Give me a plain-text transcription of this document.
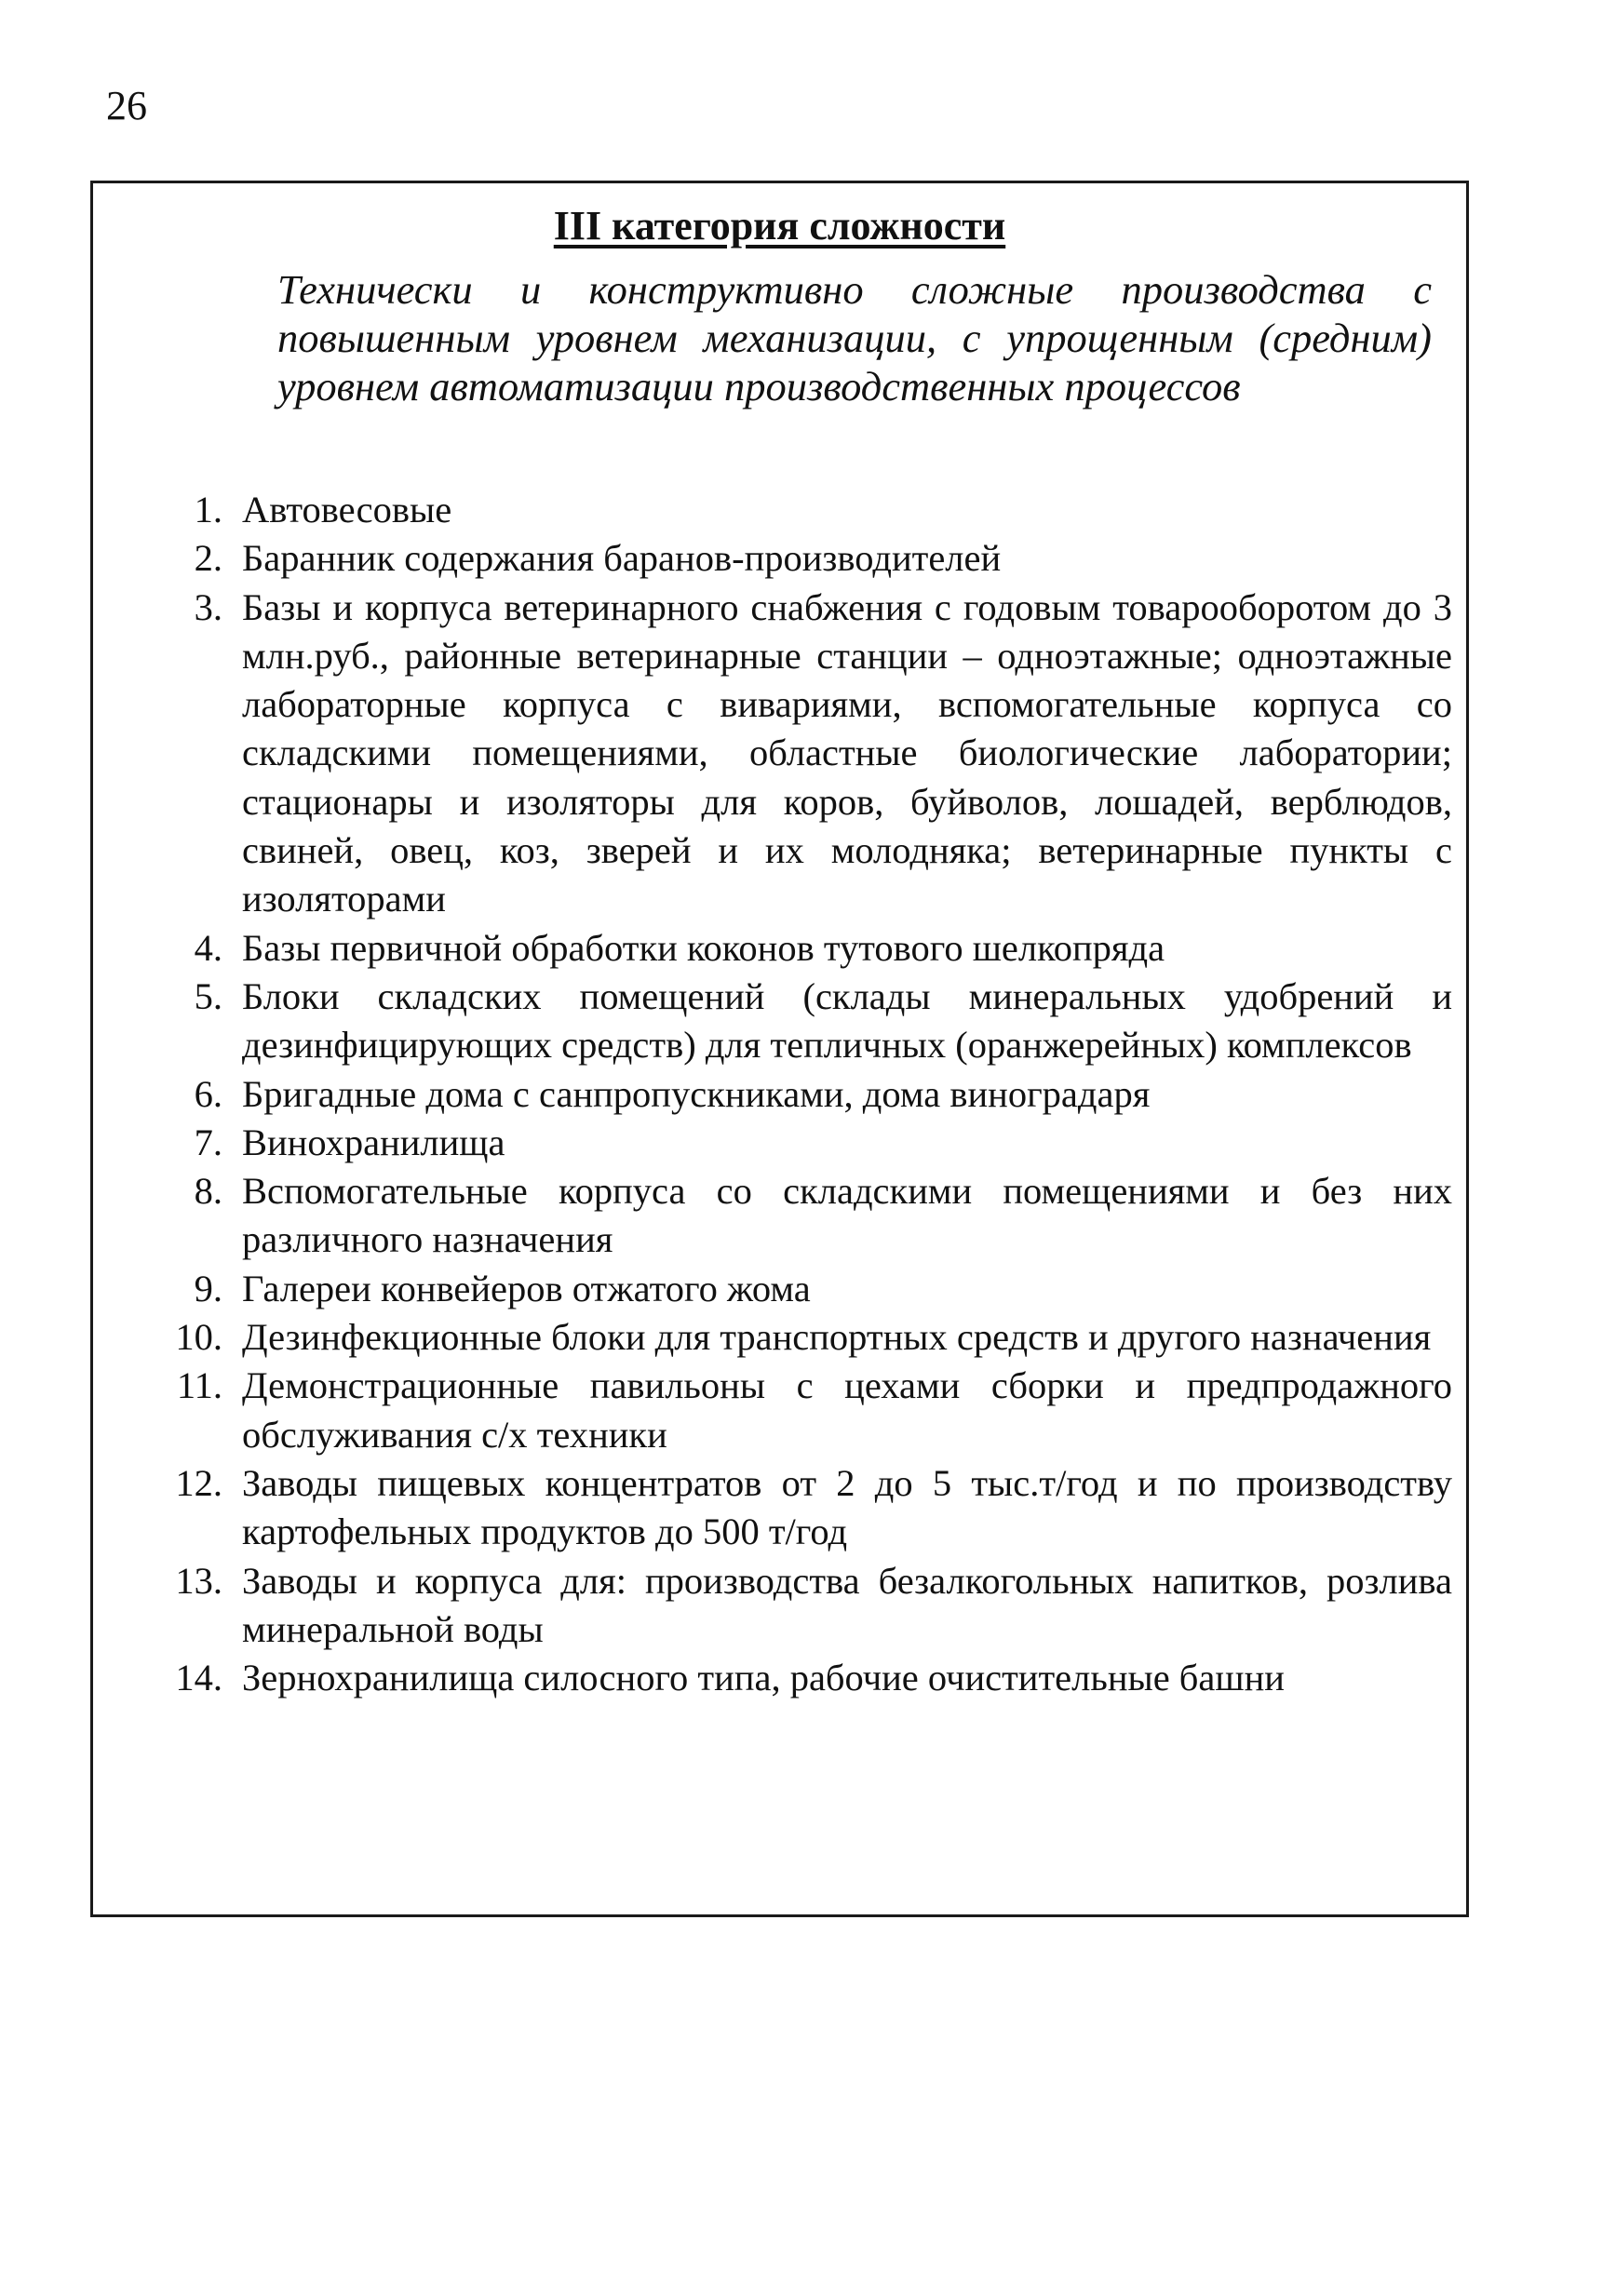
26
III категория сложности
Технически и конструктивно сложные производства с повышенным уровнем механизации, с упрощенным (средним) уровнем автоматизации производственных процессов
1. Автовесовые
2. Баранник содержания баранов-производителей
3. Базы и корпуса ветеринарного снабжения с годовым товарооборотом до 3 млн.руб., районные ветеринарные станции – одноэтажные; одноэтажные лабораторные корпуса с вивариями, вспомогательные корпуса со складскими помещениями, областные биологические лаборатории; стационары и изоляторы для коров, буйволов, лошадей, верблюдов, свиней, овец, коз, зверей и их молодняка; ветеринарные пункты с изоляторами
4. Базы первичной обработки коконов тутового шелкопряда
5. Блоки складских помещений (склады минеральных удобрений и дезинфицирующих средств) для тепличных (оранжерейных) комплексов
6. Бригадные дома с санпропускниками, дома виноградаря
7. Винохранилища
8. Вспомогательные корпуса со складскими помещениями и без них различного назначения
9. Галереи конвейеров отжатого жома
10. Дезинфекционные блоки для транспортных средств и другого назначения
11. Демонстрационные павильоны с цехами сборки и предпродажного обслуживания с/х техники
12. Заводы пищевых концентратов от 2 до 5 тыс.т/год и по производству картофельных продуктов до 500 т/год
13. Заводы и корпуса для: производства безалкогольных напитков, розлива минеральной воды
14. Зернохранилища силосного типа, рабочие очистительные башни
